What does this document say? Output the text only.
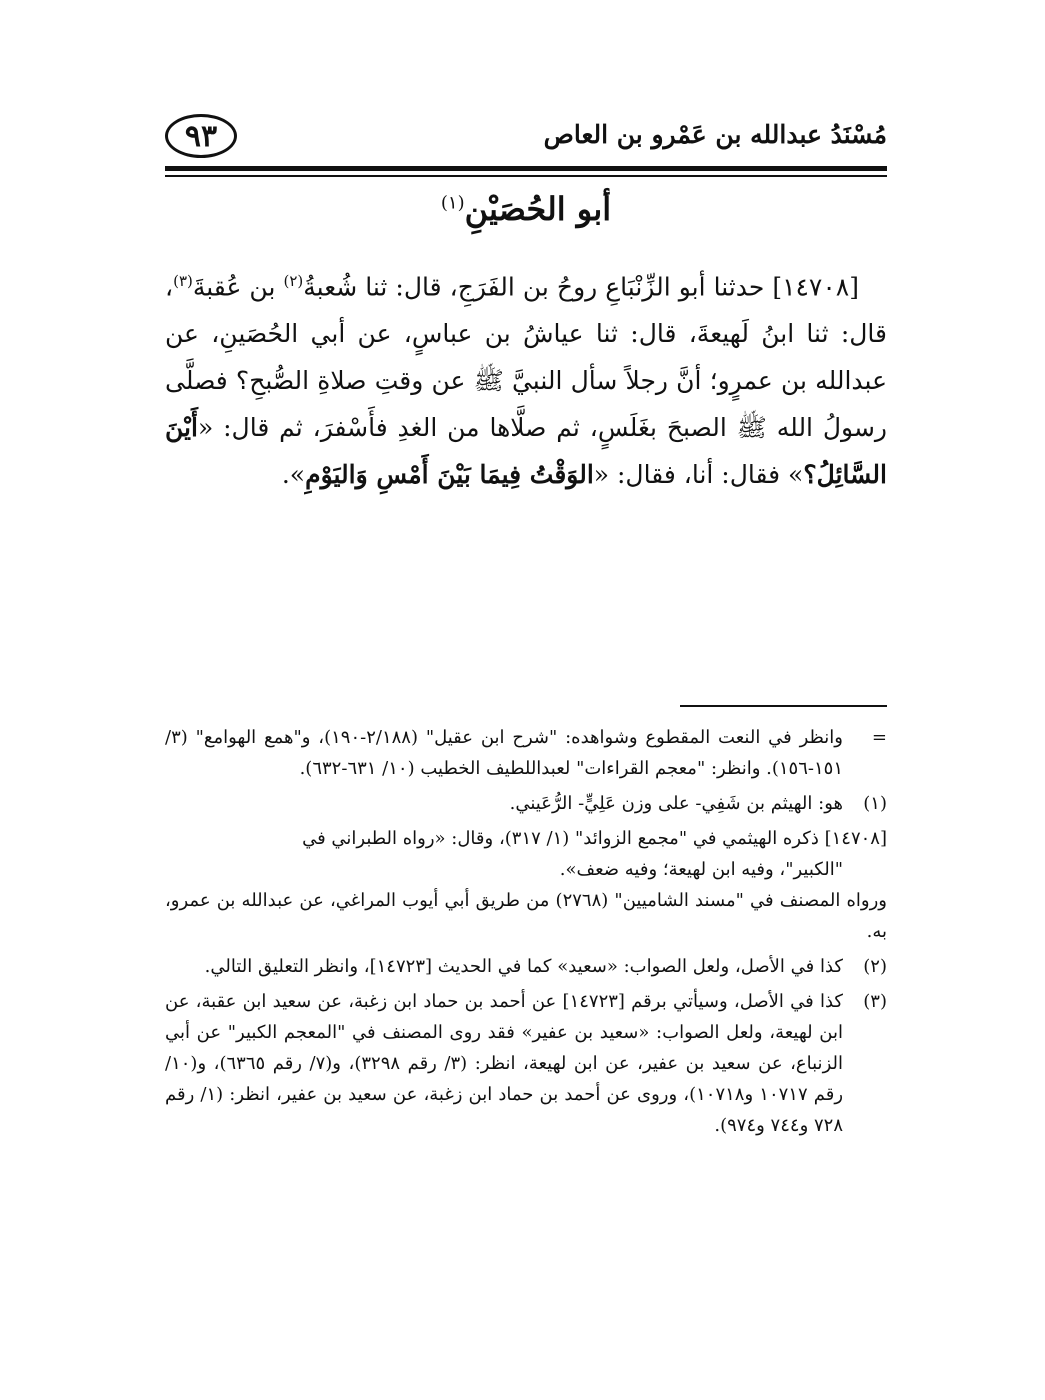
٩٣	مُسْنَدُ عبدالله بن عَمْرو بن العاص
أبو الحُصَيْنِ$^{(١)}$

[١٤٧٠٨] حدثنا أبو الزِّنْبَاعِ روحُ بن الفَرَجِ، قال: ثنا شُعبةُ$^{(٢)}$ بن عُقبةَ$^{(٣)}$، قال: ثنا ابنُ لَهيعةَ، قال: ثنا عياشُ بن عباسٍ، عن أبي الحُصَينِ، عن عبدالله بن عمرٍو؛ أنَّ رجلاً سأل النبيَّ ﷺ عن وقتِ صلاةِ الصُّبحِ؟ فصلَّى رسولُ الله ﷺ الصبحَ بغَلَسٍ، ثم صلَّاها من الغدِ فأَسْفرَ، ثم قال: «أَيْنَ السَّائِلُ؟» فقال: أنا، فقال: «الوَقْتُ فِيمَا بَيْنَ أَمْسِ وَاليَوْمِ».

=
وانظر في النعت المقطوع وشواهده: "شرح ابن عقيل" (٢/١٨٨-١٩٠)، و"همع الهوامع" (٣/ ١٥١-١٥٦). وانظر: "معجم القراءات" لعبداللطيف الخطيب (١٠/ ٦٣١-٦٣٢).
(١)
هو: الهيثم بن شَفِي- على وزن عَلِيٍّ- الرُّعَيني.
[١٤٧٠٨] ذكره الهيثمي في "مجمع الزوائد" (١/ ٣١٧)، وقال: «رواه الطبراني في
"الكبير"، وفيه ابن لهيعة؛ وفيه ضعف».
ورواه المصنف في "مسند الشاميين" (٢٧٦٨) من طريق أبي أيوب المراغي، عن عبدالله بن عمرو، به.
(٢)
كذا في الأصل، ولعل الصواب: «سعيد» كما في الحديث [١٤٧٢٣]، وانظر التعليق التالي.
(٣)
كذا في الأصل، وسيأتي برقم [١٤٧٢٣] عن أحمد بن حماد ابن زغبة، عن سعيد ابن عقبة، عن ابن لهيعة، ولعل الصواب: «سعيد بن عفير» فقد روى المصنف في "المعجم الكبير" عن أبي الزنباع، عن سعيد بن عفير، عن ابن لهيعة، انظر: (٣/ رقم ٣٢٩٨)، و(٧/ رقم ٦٣٦٥)، و(١٠/ رقم ١٠٧١٧ و١٠٧١٨)، وروى عن أحمد بن حماد ابن زغبة، عن سعيد بن عفير، انظر: (١/ رقم ٧٢٨ و٧٤٤ و٩٧٤).
